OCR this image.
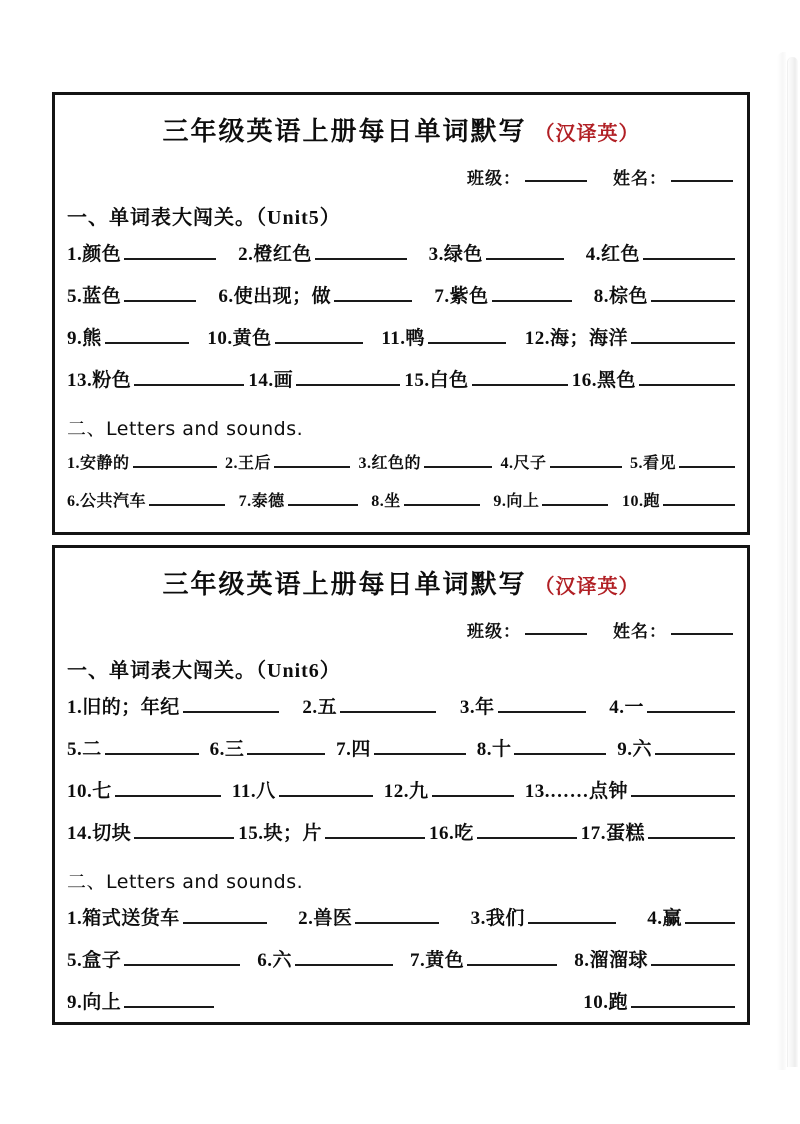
三年级英语上册每日单词默写 （汉译英）
班级：	姓名：
一、单词表大闯关。（Unit5）
1. 颜色	2. 橙红色	3. 绿色	4. 红色
5. 蓝色	6. 使出现；做	7. 紫色	8. 棕色
9. 熊	10. 黄色	11. 鸭	12. 海；海洋
13. 粉色	14. 画	15. 白色	16. 黑色
二、Letters and sounds.
1. 安静的	2. 王后	3. 红色的	4. 尺子	5. 看见
6. 公共汽车	7. 泰德	8. 坐	9. 向上	10. 跑
三年级英语上册每日单词默写 （汉译英）
班级：	姓名：
一、单词表大闯关。（Unit6）
1. 旧的；年纪	2. 五	3. 年	4. 一
5. 二	6. 三	7. 四	8. 十	9. 六
10. 七	11. 八	12. 九	13. ……点钟
14. 切块	15. 块；片	16. 吃	17. 蛋糕
二、Letters and sounds.
1. 箱式送货车	2. 兽医	3. 我们	4. 赢
5. 盒子	6. 六	7. 黄色	8. 溜溜球
9. 向上	10. 跑
